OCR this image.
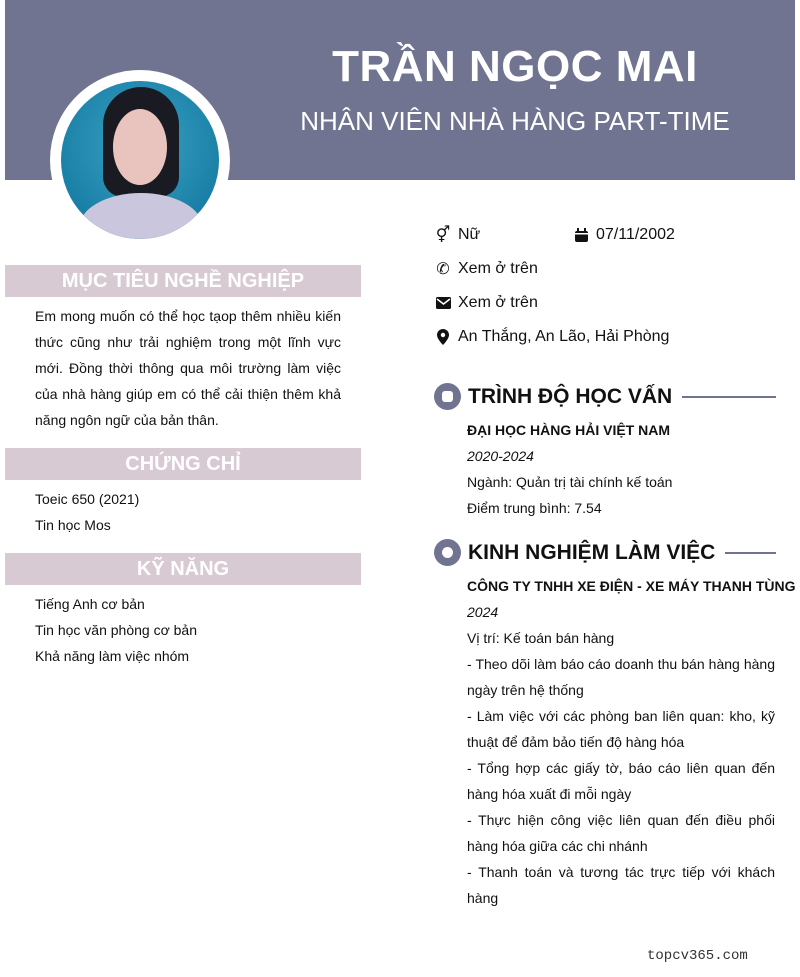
TRẦN NGỌC MAI
NHÂN VIÊN NHÀ HÀNG PART-TIME
MỤC TIÊU NGHỀ NGHIỆP
Em mong muốn có thể học tạop thêm nhiều kiến thức cũng như trải nghiệm trong một lĩnh vực mới. Đồng thời thông qua môi trường làm việc của nhà hàng giúp em có thể cải thiện thêm khả năng ngôn ngữ của bản thân.
CHỨNG CHỈ
Toeic 650 (2021)
Tin học Mos
KỸ NĂNG
Tiếng Anh cơ bản
Tin học văn phòng cơ bản
Khả năng làm việc nhóm
⚥ Nữ	07/11/2002
✆ Xem ở trên
Xem ở trên
An Thắng, An Lão, Hải Phòng
TRÌNH ĐỘ HỌC VẤN
ĐẠI HỌC HÀNG HẢI VIỆT NAM
2020-2024
Ngành: Quản trị tài chính kế toán
Điểm trung bình: 7.54
KINH NGHIỆM LÀM VIỆC
CÔNG TY TNHH XE ĐIỆN - XE MÁY THANH TÙNG
2024
Vị trí: Kế toán bán hàng
- Theo dõi làm báo cáo doanh thu bán hàng hàng ngày trên hệ thống
- Làm việc với các phòng ban liên quan: kho, kỹ thuật để đảm bảo tiến độ hàng hóa
- Tổng hợp các giấy tờ, báo cáo liên quan đến hàng hóa xuất đi mỗi ngày
- Thực hiện công việc liên quan đến điều phối hàng hóa giữa các chi nhánh
- Thanh toán và tương tác trực tiếp với khách hàng
topcv365.com
